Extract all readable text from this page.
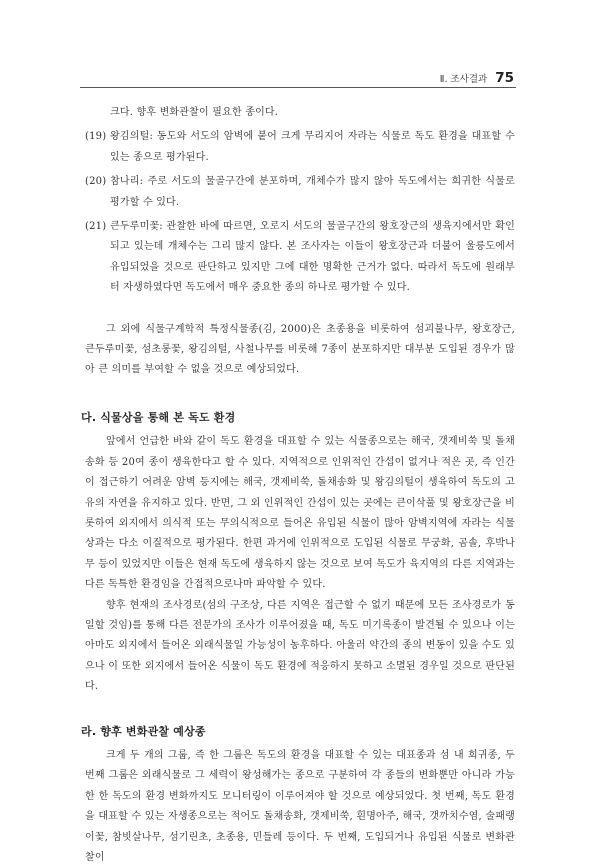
Ⅱ. 조사결과 75

크다. 향후 변화관찰이 필요한 종이다.

(19) 왕김의털: 동도와 서도의 암벽에 붙어 크게 무리지어 자라는 식물로 독도 환경을 대표할 수 있는 종으로 평가된다.
(20) 참나리: 주로 서도의 물골구간에 분포하며, 개체수가 많지 않아 독도에서는 희귀한 식물로 평가할 수 있다.
(21) 큰두루미꽃: 관찰한 바에 따르면, 오로지 서도의 물골구간의 왕호장근의 생육지에서만 확인되고 있는데 개체수는 그리 많지 않다. 본 조사자는 이들이 왕호장근과 더불어 울릉도에서 유입되었을 것으로 판단하고 있지만 그에 대한 명확한 근거가 없다. 따라서 독도에 원래부터 자생하였다면 독도에서 매우 중요한 종의 하나로 평가할 수 있다.

그 외에 식물구계학적 특정식물종(김, 2000)은 초종용을 비롯하여 섬괴불나무, 왕호장근, 큰두루미꽃, 섬초롱꽃, 왕김의털, 사철나무를 비롯해 7종이 분포하지만 대부분 도입된 경우가 많아 큰 의미를 부여할 수 없을 것으로 예상되었다.

다. 식물상을 통해 본 독도 환경

앞에서 언급한 바와 같이 독도 환경을 대표할 수 있는 식물종으로는 해국, 갯제비쑥 및 돌채송화 등 20여 종이 생육한다고 할 수 있다. 지역적으로 인위적인 간섭이 없거나 적은 곳, 즉 인간이 접근하기 어려운 암벽 등지에는 해국, 갯제비쑥, 돌채송화 및 왕김의털이 생육하여 독도의 고유의 자연을 유지하고 있다. 반면, 그 외 인위적인 간섭이 있는 곳에는 큰이삭풀 및 왕호장근을 비롯하여 외지에서 의식적 또는 무의식적으로 들어온 유입된 식물이 많아 암벽지역에 자라는 식물상과는 다소 이질적으로 평가된다. 한편 과거에 인위적으로 도입된 식물로 무궁화, 곰솔, 후박나무 등이 있었지만 이들은 현재 독도에 생육하지 않는 것으로 보여 독도가 육지역의 다른 지역과는 다른 독특한 환경임을 간접적으로나마 파악할 수 있다.

향후 현재의 조사경로(섬의 구조상, 다른 지역은 접근할 수 없기 때문에 모든 조사경로가 동일할 것임)를 통해 다른 전문가의 조사가 이루어졌을 때, 독도 미기록종이 발견될 수 있으나 이는 아마도 외지에서 들어온 외래식물일 가능성이 농후하다. 아울러 약간의 종의 변동이 있을 수도 있으나 이 또한 외지에서 들어온 식물이 독도 환경에 적응하지 못하고 소멸된 경우일 것으로 판단된다.

라. 향후 변화관찰 예상종

크게 두 개의 그룹, 즉 한 그룹은 독도의 환경을 대표할 수 있는 대표종과 섬 내 희귀종, 두 번째 그룹은 외래식물로 그 세력이 왕성해가는 종으로 구분하여 각 종들의 변화뿐만 아니라 가능한 한 독도의 환경 변화까지도 모니터링이 이루어져야 할 것으로 예상되었다. 첫 번째, 독도 환경을 대표할 수 있는 자생종으로는 적어도 돌채송화, 갯제비쑥, 흰명아주, 해국, 갯까치수염, 술패랭이꽃, 참빗살나무, 섬기린초, 초종용, 민들레 등이다. 두 번째, 도입되거나 유입된 식물로 변화관찰이
